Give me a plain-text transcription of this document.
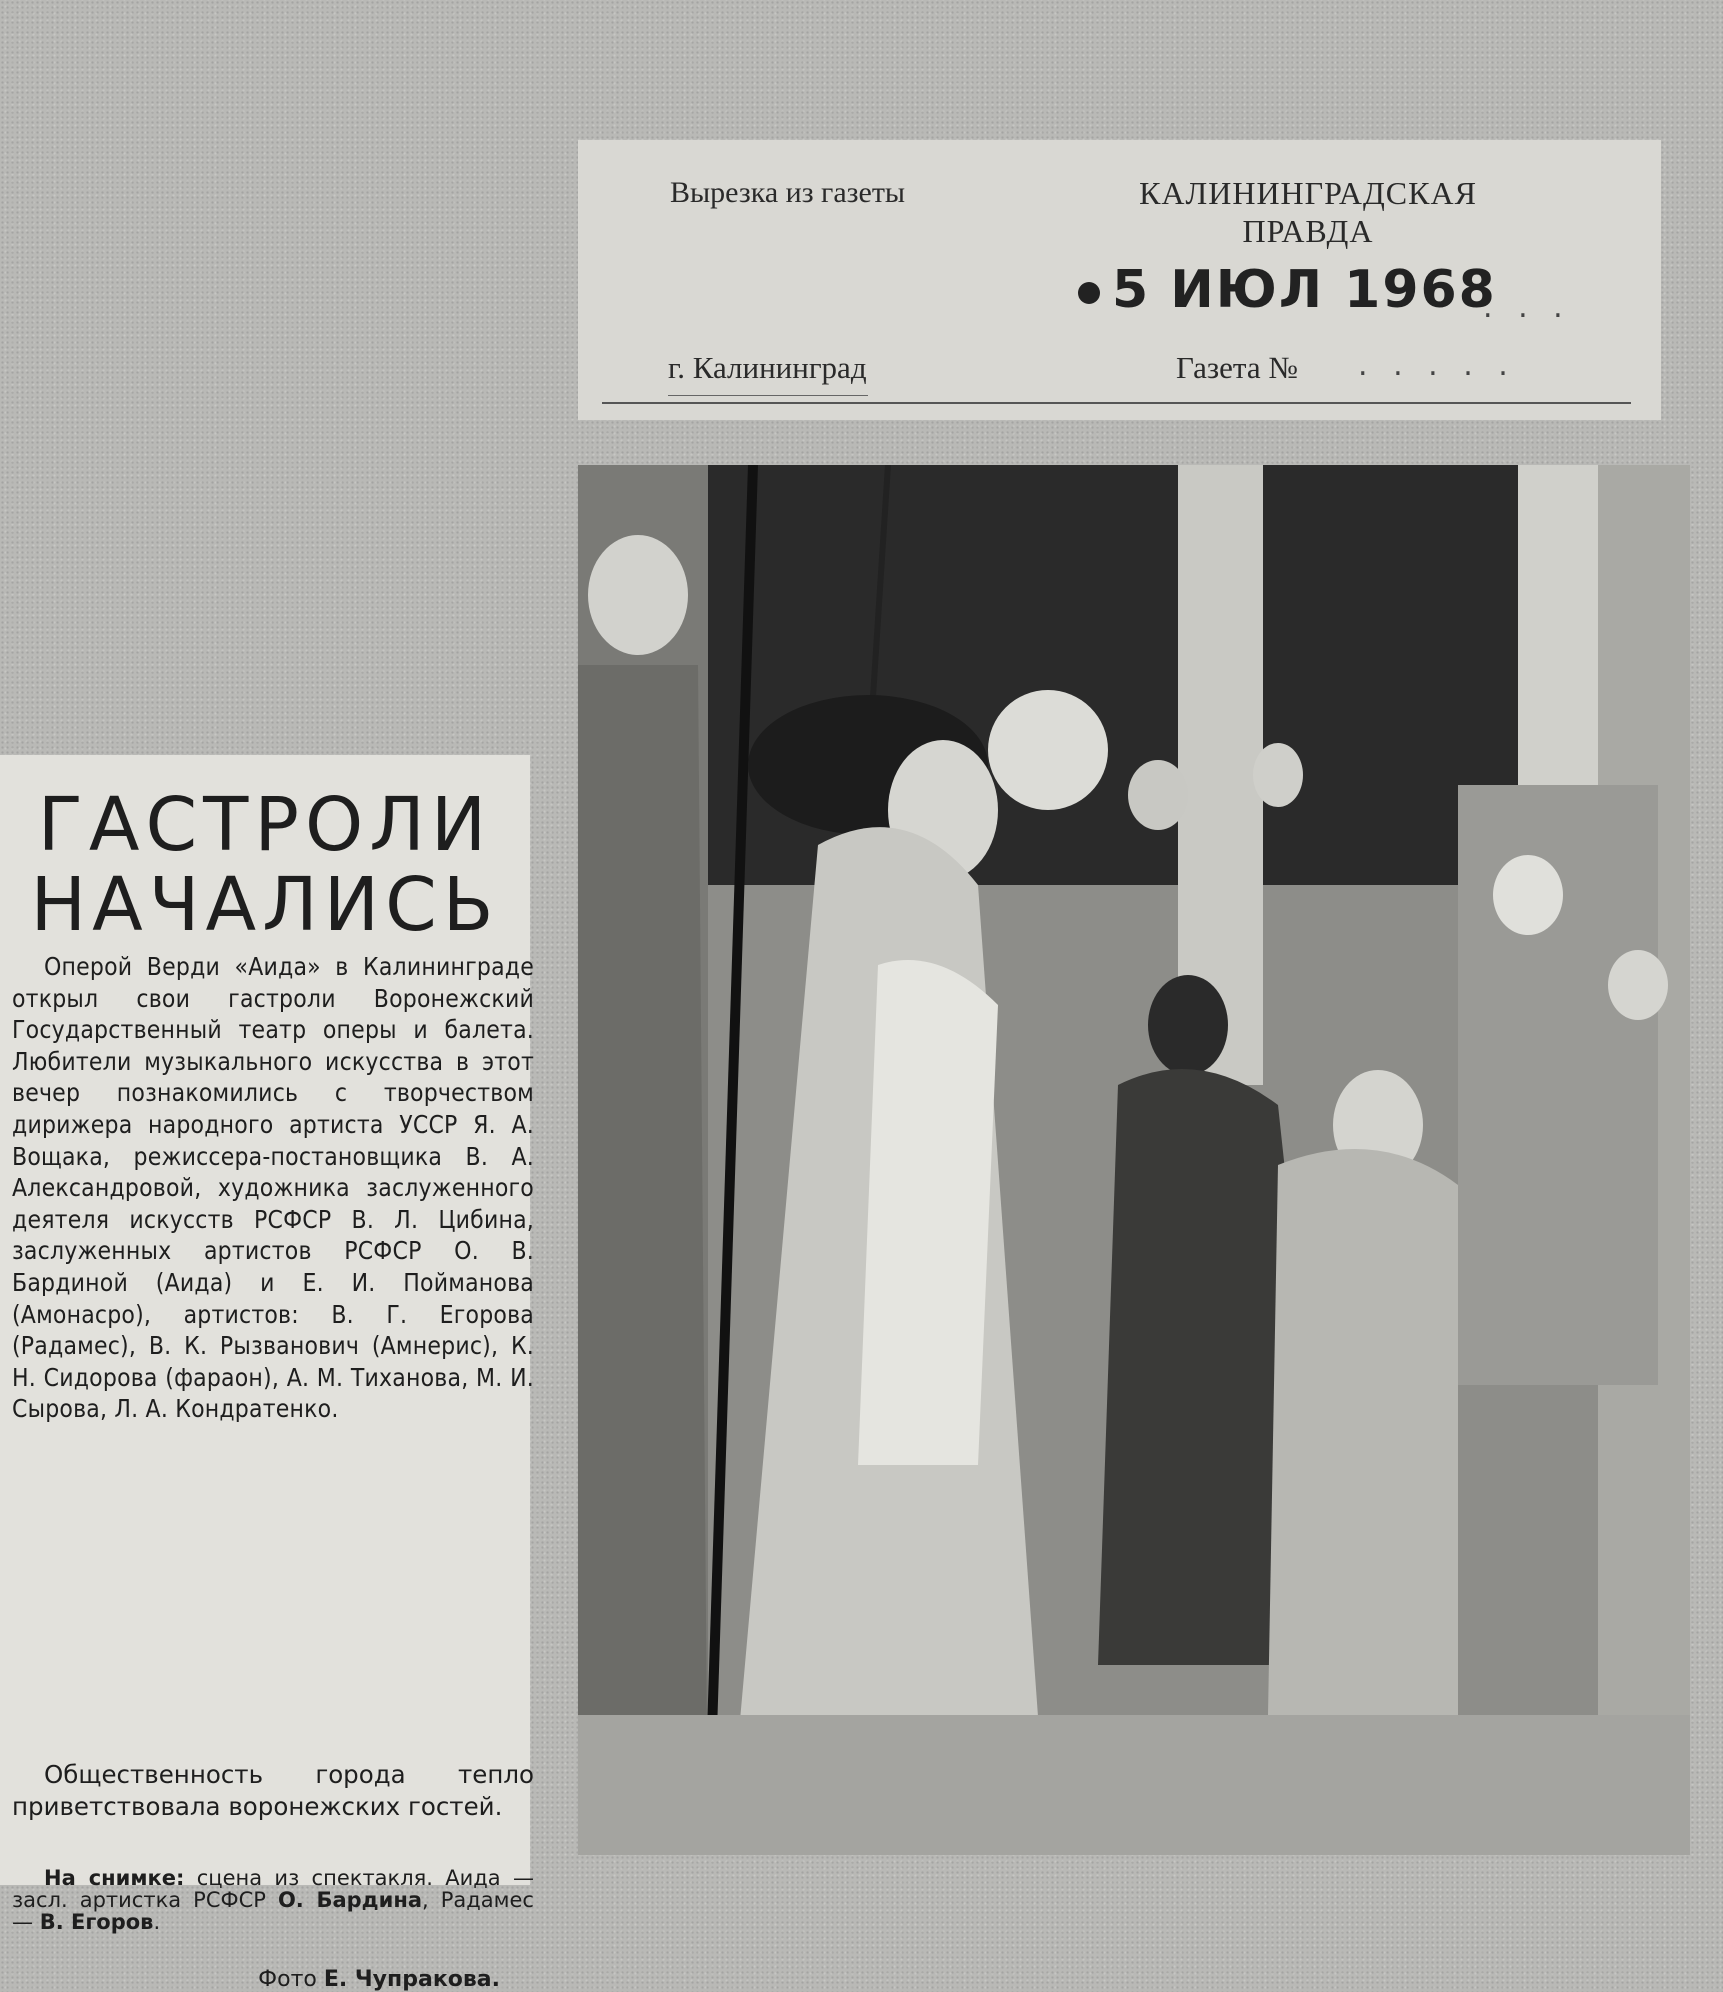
Вырезка из газеты	КАЛИНИНГРАДСКАЯ
ПРАВДА
5 ИЮЛ 1968
. . .
г. Калининград	Газета № . . . . .
ГАСТРОЛИ
НАЧАЛИСЬ
Оперой Верди «Аида» в Калининграде открыл свои гастроли Воронежский Государственный театр оперы и балета. Любители музыкального искусства в этот вечер познакомились с творчеством дирижера народного артиста УССР Я. А. Вощака, режиссера-постановщика В. А. Александровой, художника заслуженного деятеля искусств РСФСР В. Л. Цибина, заслуженных артистов РСФСР О. В. Бардиной (Аида) и Е. И. Пойманова (Амонасро), артистов: В. Г. Егорова (Радамес), В. К. Рызванович (Амнерис), К. Н. Сидорова (фараон), А. М. Тиханова, М. И. Сырова, Л. А. Кондратенко.
Общественность города тепло приветствовала воронежских гостей.
На снимке: сцена из спектакля. Аида — засл. артистка РСФСР О. Бардина, Радамес — В. Егоров.
Фото Е. Чупракова.
